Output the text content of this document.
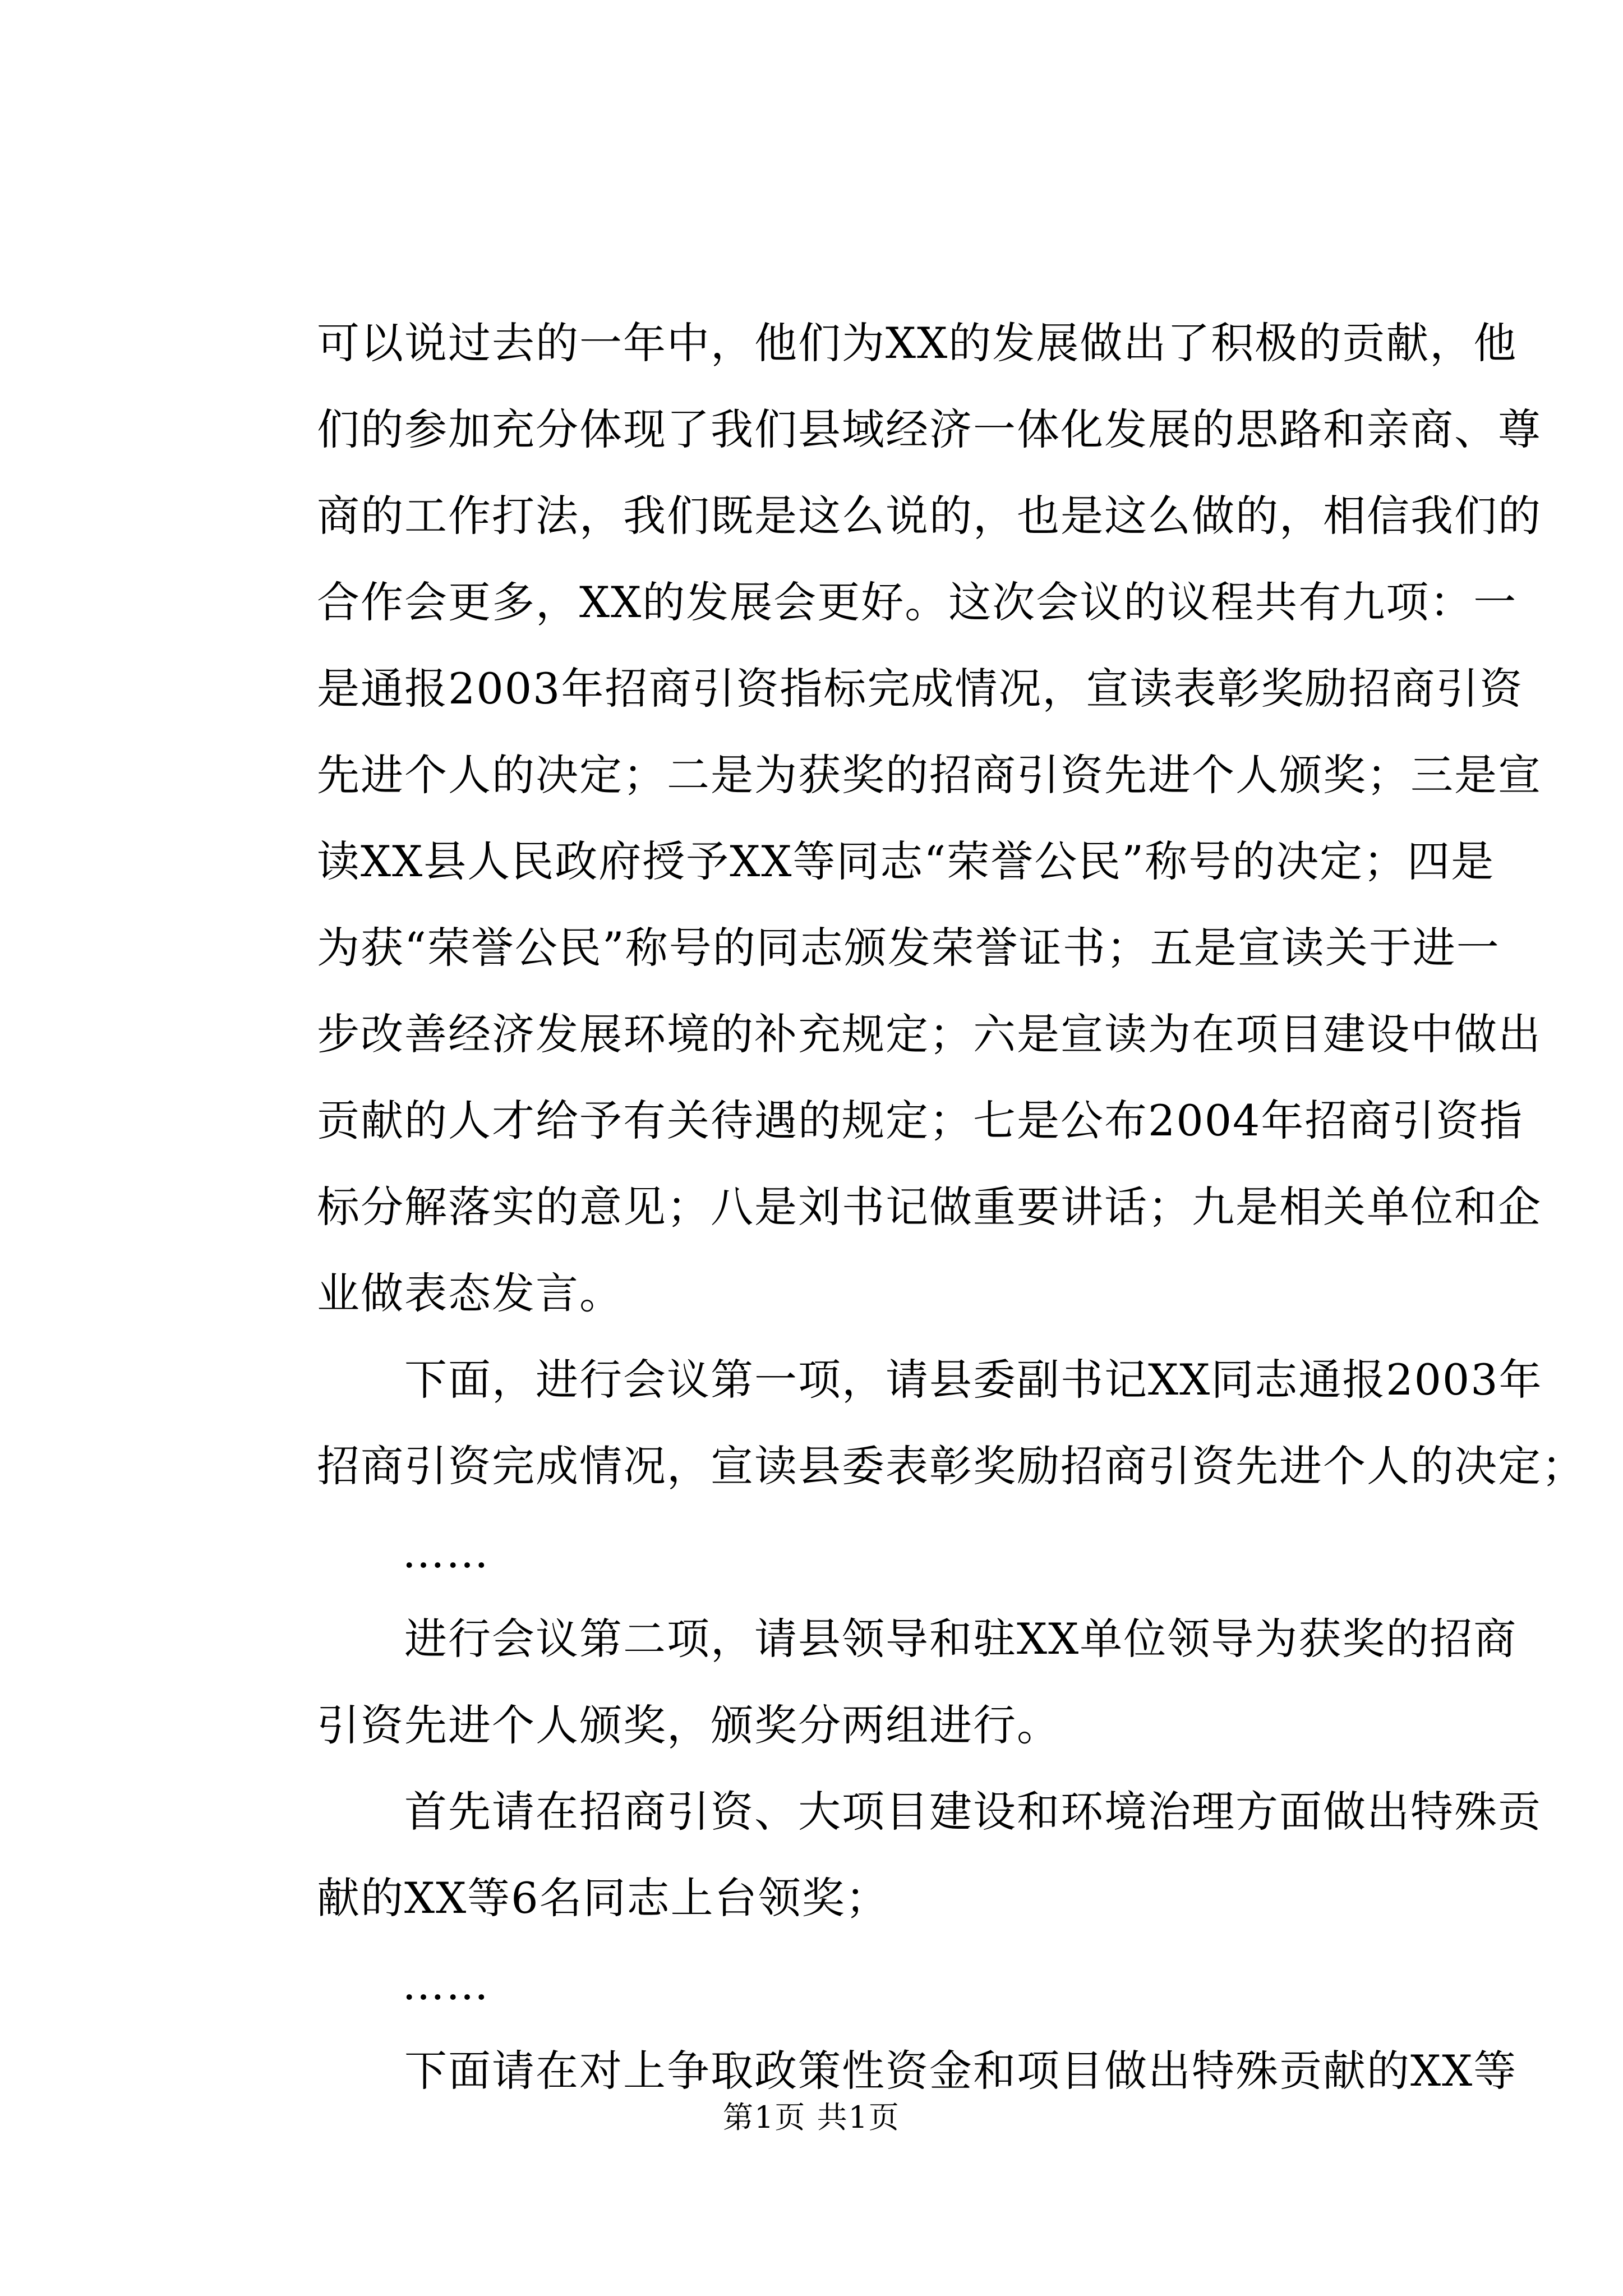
可以说过去的一年中，他们为XX的发展做出了积极的贡献，他
们的参加充分体现了我们县域经济一体化发展的思路和亲商、尊
商的工作打法，我们既是这么说的，也是这么做的，相信我们的
合作会更多，XX的发展会更好。这次会议的议程共有九项：一
是通报2003年招商引资指标完成情况，宣读表彰奖励招商引资
先进个人的决定；二是为获奖的招商引资先进个人颁奖；三是宣
读XX县人民政府授予XX等同志“荣誉公民”称号的决定；四是
为获“荣誉公民”称号的同志颁发荣誉证书；五是宣读关于进一
步改善经济发展环境的补充规定；六是宣读为在项目建设中做出
贡献的人才给予有关待遇的规定；七是公布2004年招商引资指
标分解落实的意见；八是刘书记做重要讲话；九是相关单位和企
业做表态发言。
　　下面，进行会议第一项，请县委副书记XX同志通报2003年
招商引资完成情况，宣读县委表彰奖励招商引资先进个人的决定；
……
　　进行会议第二项，请县领导和驻XX单位领导为获奖的招商
引资先进个人颁奖，颁奖分两组进行。
　　首先请在招商引资、大项目建设和环境治理方面做出特殊贡
献的XX等6名同志上台领奖；
……
　　下面请在对上争取政策性资金和项目做出特殊贡献的XX等
第1页 共1页
